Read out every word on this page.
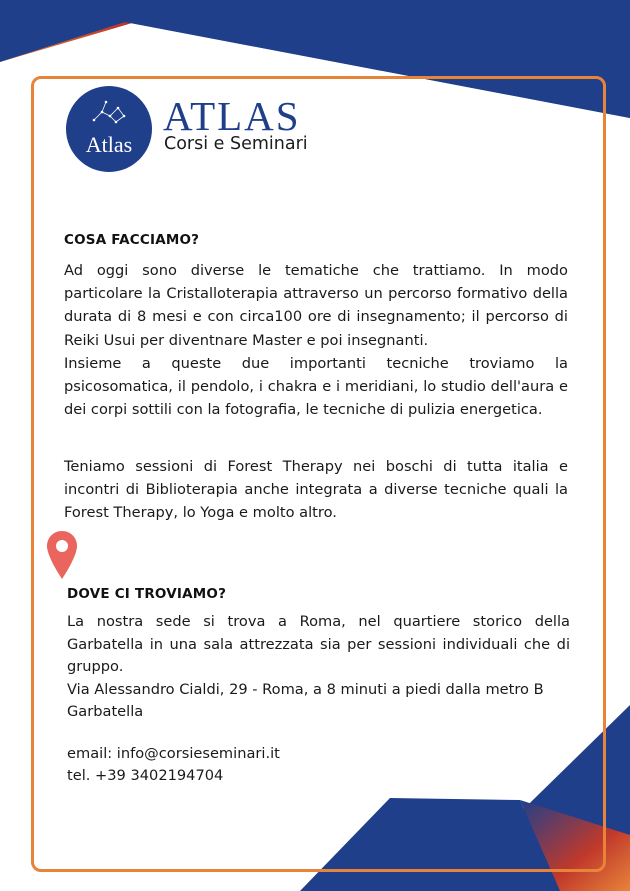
Atlas
ATLAS
Corsi e Seminari
COSA FACCIAMO?

Ad oggi sono diverse le tematiche che trattiamo. In modo particolare la Cristalloterapia attraverso un percorso formativo della durata di 8 mesi e con circa100 ore di insegnamento; il percorso di Reiki Usui per diventnare Master e poi insegnanti.

Insieme a queste due importanti tecniche troviamo la psicosomatica, il pendolo, i chakra e i meridiani, lo studio dell'aura e dei corpi sottili con la fotografia, le tecniche di pulizia energetica.

Teniamo sessioni di Forest Therapy nei boschi di tutta italia e incontri di Biblioterapia anche integrata a diverse tecniche quali la Forest Therapy, lo Yoga e molto altro.

DOVE CI TROVIAMO?

La nostra sede si trova a Roma, nel quartiere storico della Garbatella in una sala attrezzata sia per sessioni individuali che di gruppo.

Via Alessandro Cialdi, 29 - Roma, a 8 minuti a piedi dalla metro B Garbatella

email: info@corsieseminari.it
tel. +39 3402194704
